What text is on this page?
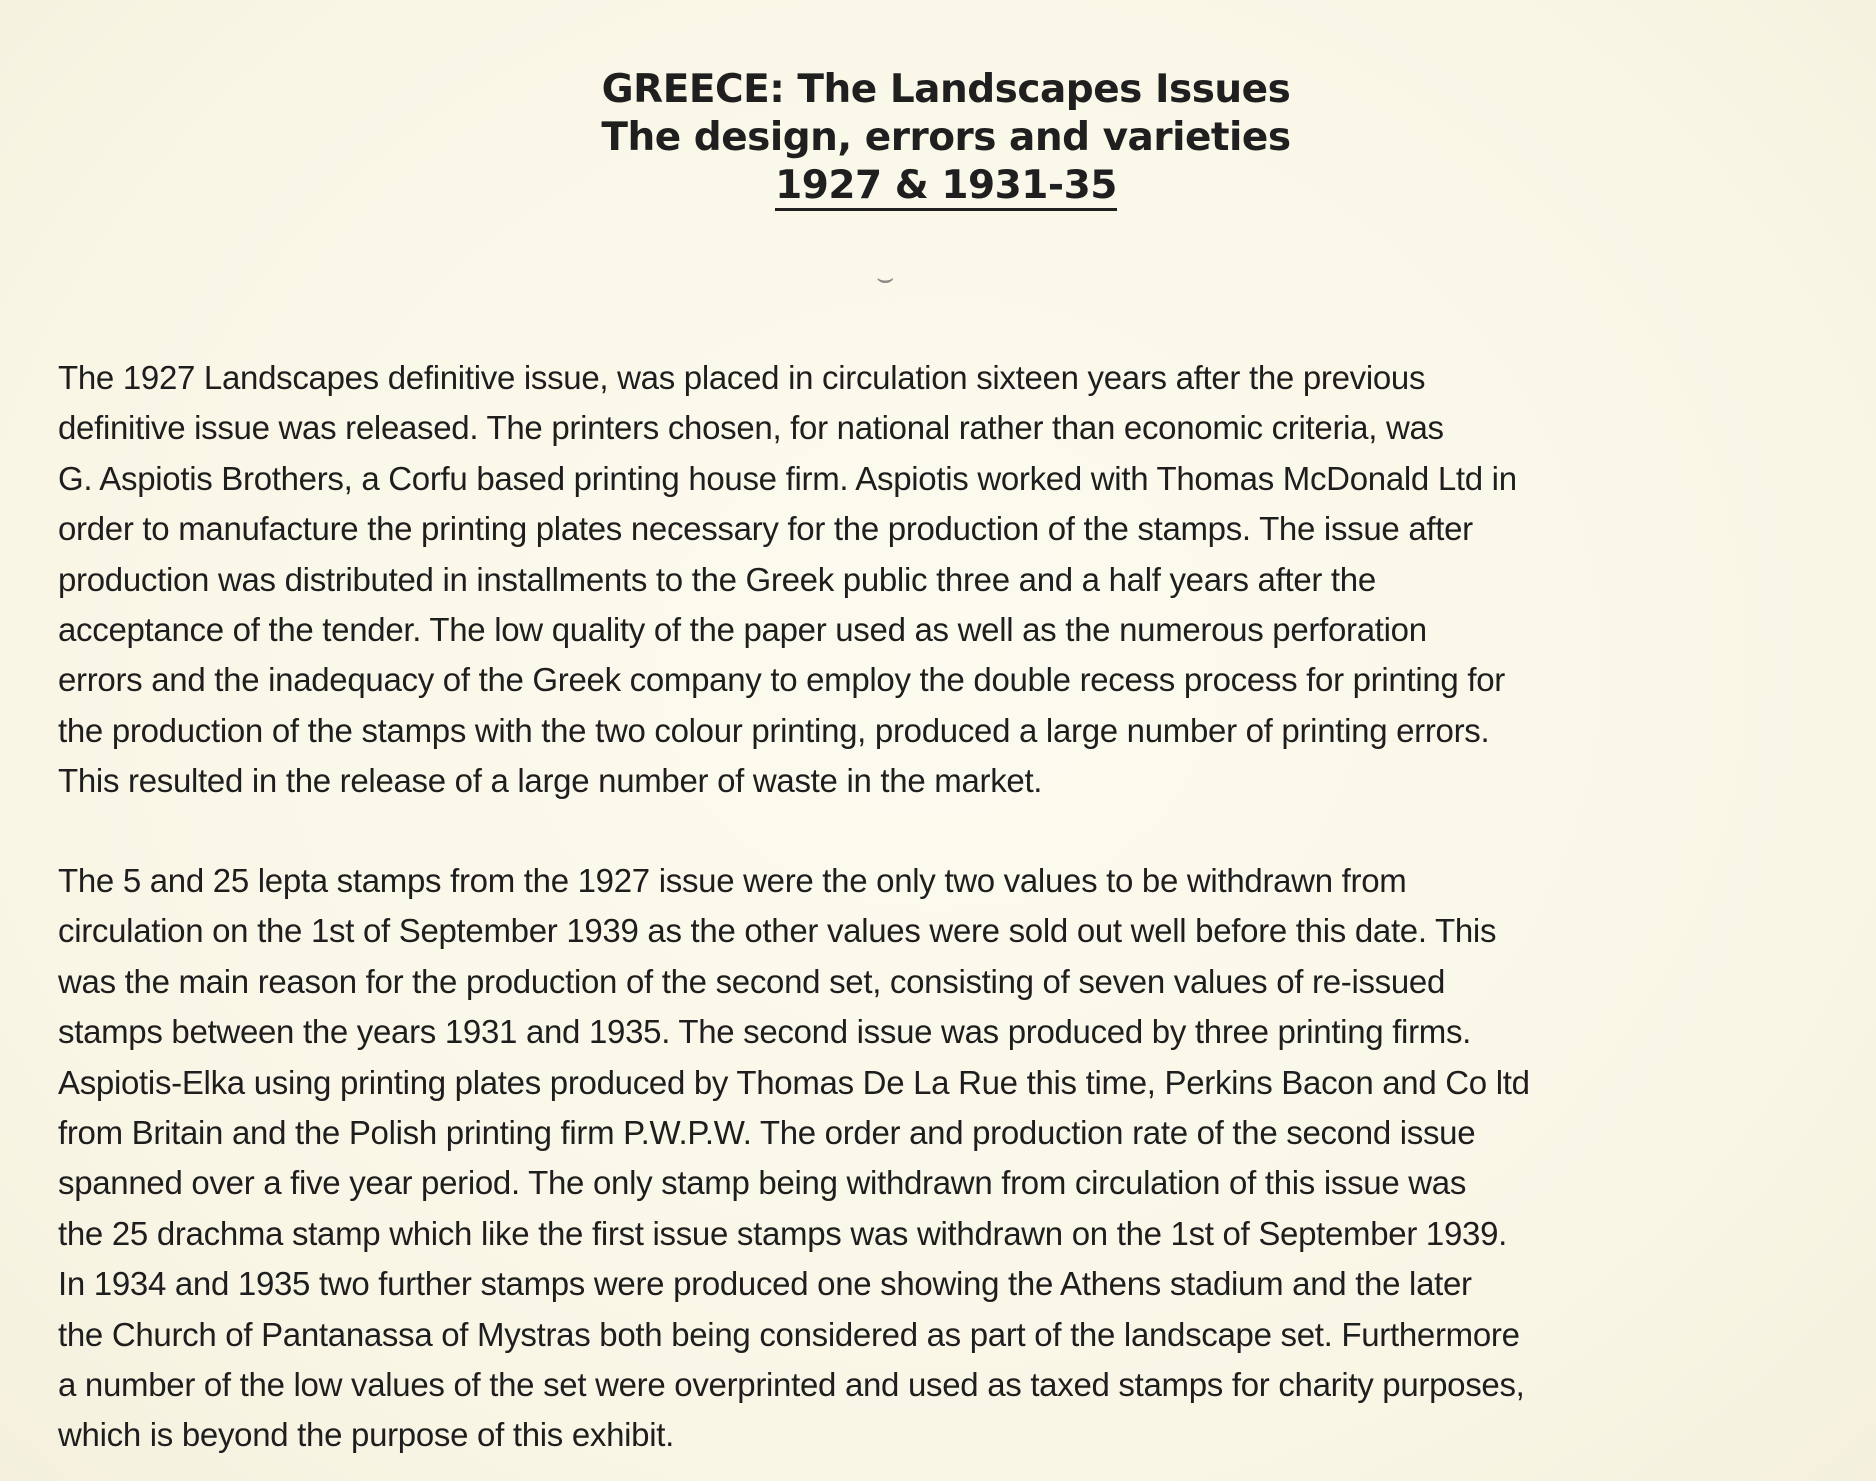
GREECE: The Landscapes Issues

The design, errors and varieties

1927 & 1931-35

⌣
The 1927 Landscapes definitive issue, was placed in circulation sixteen years after the previous
definitive issue was released. The printers chosen, for national rather than economic criteria, was
G. Aspiotis Brothers, a Corfu based printing house firm. Aspiotis worked with Thomas McDonald Ltd in
order to manufacture the printing plates necessary for the production of the stamps. The issue after
production was distributed in installments to the Greek public three and a half years after the
acceptance of the tender. The low quality of the paper used as well as the numerous perforation
errors and the inadequacy of the Greek company to employ the double recess process for printing for
the production of the stamps with the two colour printing, produced a large number of printing errors.
This resulted in the release of a large number of waste in the market.
The 5 and 25 lepta stamps from the 1927 issue were the only two values to be withdrawn from
circulation on the 1st of September 1939 as the other values were sold out well before this date. This
was the main reason for the production of the second set, consisting of seven values of re-issued
stamps between the years 1931 and 1935. The second issue was produced by three printing firms.
Aspiotis-Elka using printing plates produced by Thomas De La Rue this time, Perkins Bacon and Co ltd
from Britain and the Polish printing firm P.W.P.W. The order and production rate of the second issue
spanned over a five year period. The only stamp being withdrawn from circulation of this issue was
the 25 drachma stamp which like the first issue stamps was withdrawn on the 1st of September 1939.
In 1934 and 1935 two further stamps were produced one showing the Athens stadium and the later
the Church of Pantanassa of Mystras both being considered as part of the landscape set. Furthermore
a number of the low values of the set were overprinted and used as taxed stamps for charity purposes,
which is beyond the purpose of this exhibit.
